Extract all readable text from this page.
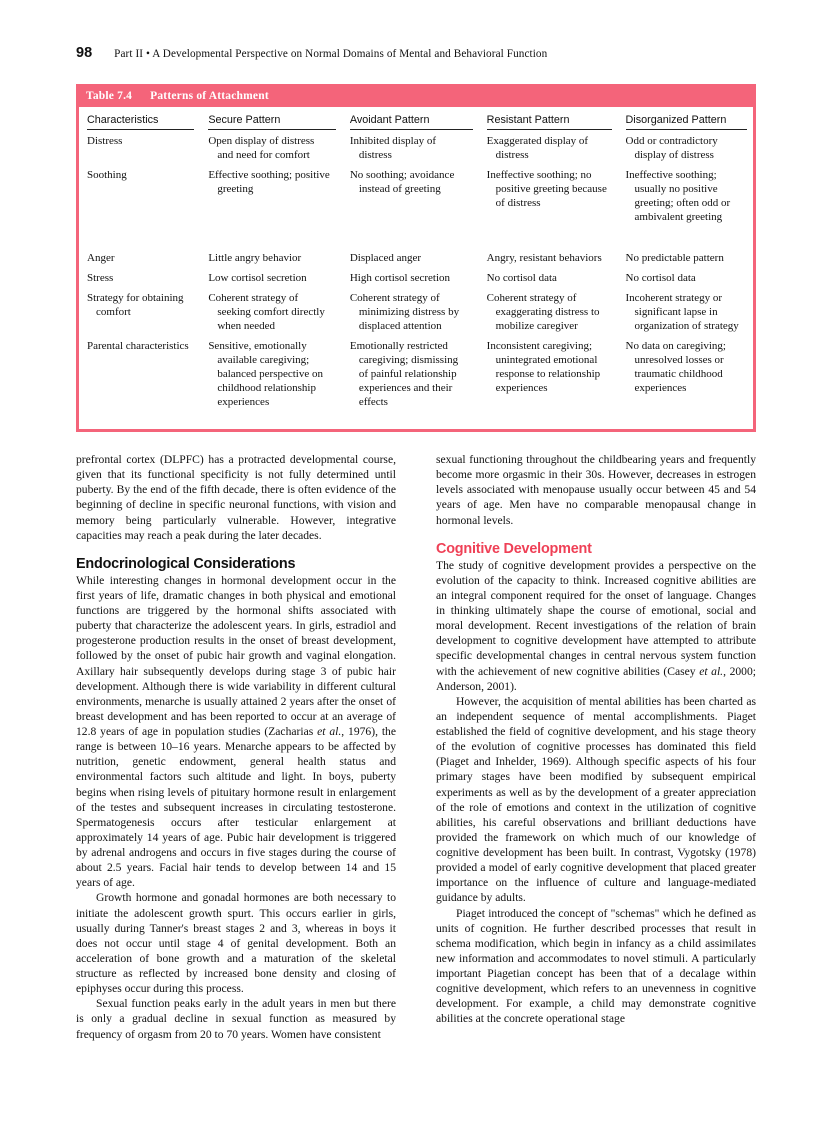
98 Part II • A Developmental Perspective on Normal Domains of Mental and Behavioral Function
Table 7.4 Patterns of Attachment
Characteristics	Secure Pattern	Avoidant Pattern	Resistant Pattern	Disorganized Pattern

Distress	Open display of distress and need for comfort	Inhibited display of distress	Exaggerated display of distress	Odd or contradictory display of distress
Soothing	Effective soothing; positive greeting	No soothing; avoidance instead of greeting	Ineffective soothing; no positive greeting because of distress	Ineffective soothing; usually no positive greeting; often odd or ambivalent greeting

Anger	Little angry behavior	Displaced anger	Angry, resistant behaviors	No predictable pattern
Stress	Low cortisol secretion	High cortisol secretion	No cortisol data	No cortisol data
Strategy for obtaining comfort	Coherent strategy of seeking comfort directly when needed	Coherent strategy of minimizing distress by displaced attention	Coherent strategy of exaggerating distress to mobilize caregiver	Incoherent strategy or significant lapse in organization of strategy
Parental characteristics	Sensitive, emotionally available caregiving; balanced perspective on childhood relationship experiences	Emotionally restricted caregiving; dismissing of painful relationship experiences and their effects	Inconsistent caregiving; unintegrated emotional response to relationship experiences	No data on caregiving; unresolved losses or traumatic childhood experiences

prefrontal cortex (DLPFC) has a protracted developmental course, given that its functional specificity is not fully determined until puberty. By the end of the fifth decade, there is often evidence of the beginning of decline in specific neuronal functions, with vision and memory being particularly vulnerable. However, integrative capacities may reach a peak during the later decades.

Endocrinological Considerations

While interesting changes in hormonal development occur in the first years of life, dramatic changes in both physical and emotional functions are triggered by the hormonal shifts associated with puberty that characterize the adolescent years. In girls, estradiol and progesterone production results in the onset of breast development, followed by the onset of pubic hair growth and vaginal elongation. Axillary hair subsequently develops during stage 3 of pubic hair development. Although there is wide variability in different cultural environments, menarche is usually attained 2 years after the onset of breast development and has been reported to occur at an average of 12.8 years of age in population studies (Zacharias et al., 1976), the range is between 10–16 years. Menarche appears to be affected by nutrition, genetic endowment, general health status and environmental factors such altitude and light. In boys, puberty begins when rising levels of pituitary hormone result in enlargement of the testes and subsequent increases in circulating testosterone. Spermatogenesis occurs after testicular enlargement at approximately 14 years of age. Pubic hair development is triggered by adrenal androgens and occurs in five stages during the course of about 2.5 years. Facial hair tends to develop between 14 and 15 years of age.

Growth hormone and gonadal hormones are both necessary to initiate the adolescent growth spurt. This occurs earlier in girls, usually during Tanner's breast stages 2 and 3, whereas in boys it does not occur until stage 4 of genital development. Both an acceleration of bone growth and a maturation of the skeletal structure as reflected by increased bone density and closing of epiphyses occur during this process.

Sexual function peaks early in the adult years in men but there is only a gradual decline in sexual function as measured by frequency of orgasm from 20 to 70 years. Women have consistent

sexual functioning throughout the childbearing years and frequently become more orgasmic in their 30s. However, decreases in estrogen levels associated with menopause usually occur between 45 and 54 years of age. Men have no comparable menopausal change in hormonal levels.

Cognitive Development

The study of cognitive development provides a perspective on the evolution of the capacity to think. Increased cognitive abilities are an integral component required for the onset of language. Changes in thinking ultimately shape the course of emotional, social and moral development. Recent investigations of the relation of brain development to cognitive development have attempted to attribute specific developmental changes in central nervous system function with the achievement of new cognitive abilities (Casey et al., 2000; Anderson, 2001).

However, the acquisition of mental abilities has been charted as an independent sequence of mental accomplishments. Piaget established the field of cognitive development, and his stage theory of the evolution of cognitive processes has dominated this field (Piaget and Inhelder, 1969). Although specific aspects of his four primary stages have been modified by subsequent empirical experiments as well as by the development of a greater appreciation of the role of emotions and context in the utilization of cognitive abilities, his careful observations and brilliant deductions have provided the framework on which much of our knowledge of cognitive development has been built. In contrast, Vygotsky (1978) provided a model of early cognitive development that placed greater importance on the influence of culture and language-mediated guidance by adults.

Piaget introduced the concept of "schemas" which he defined as units of cognition. He further described processes that result in schema modification, which begin in infancy as a child assimilates new information and accommodates to novel stimuli. A particularly important Piagetian concept has been that of a decalage within cognitive development, which refers to an unevenness in cognitive development. For example, a child may demonstrate cognitive abilities at the concrete operational stage
